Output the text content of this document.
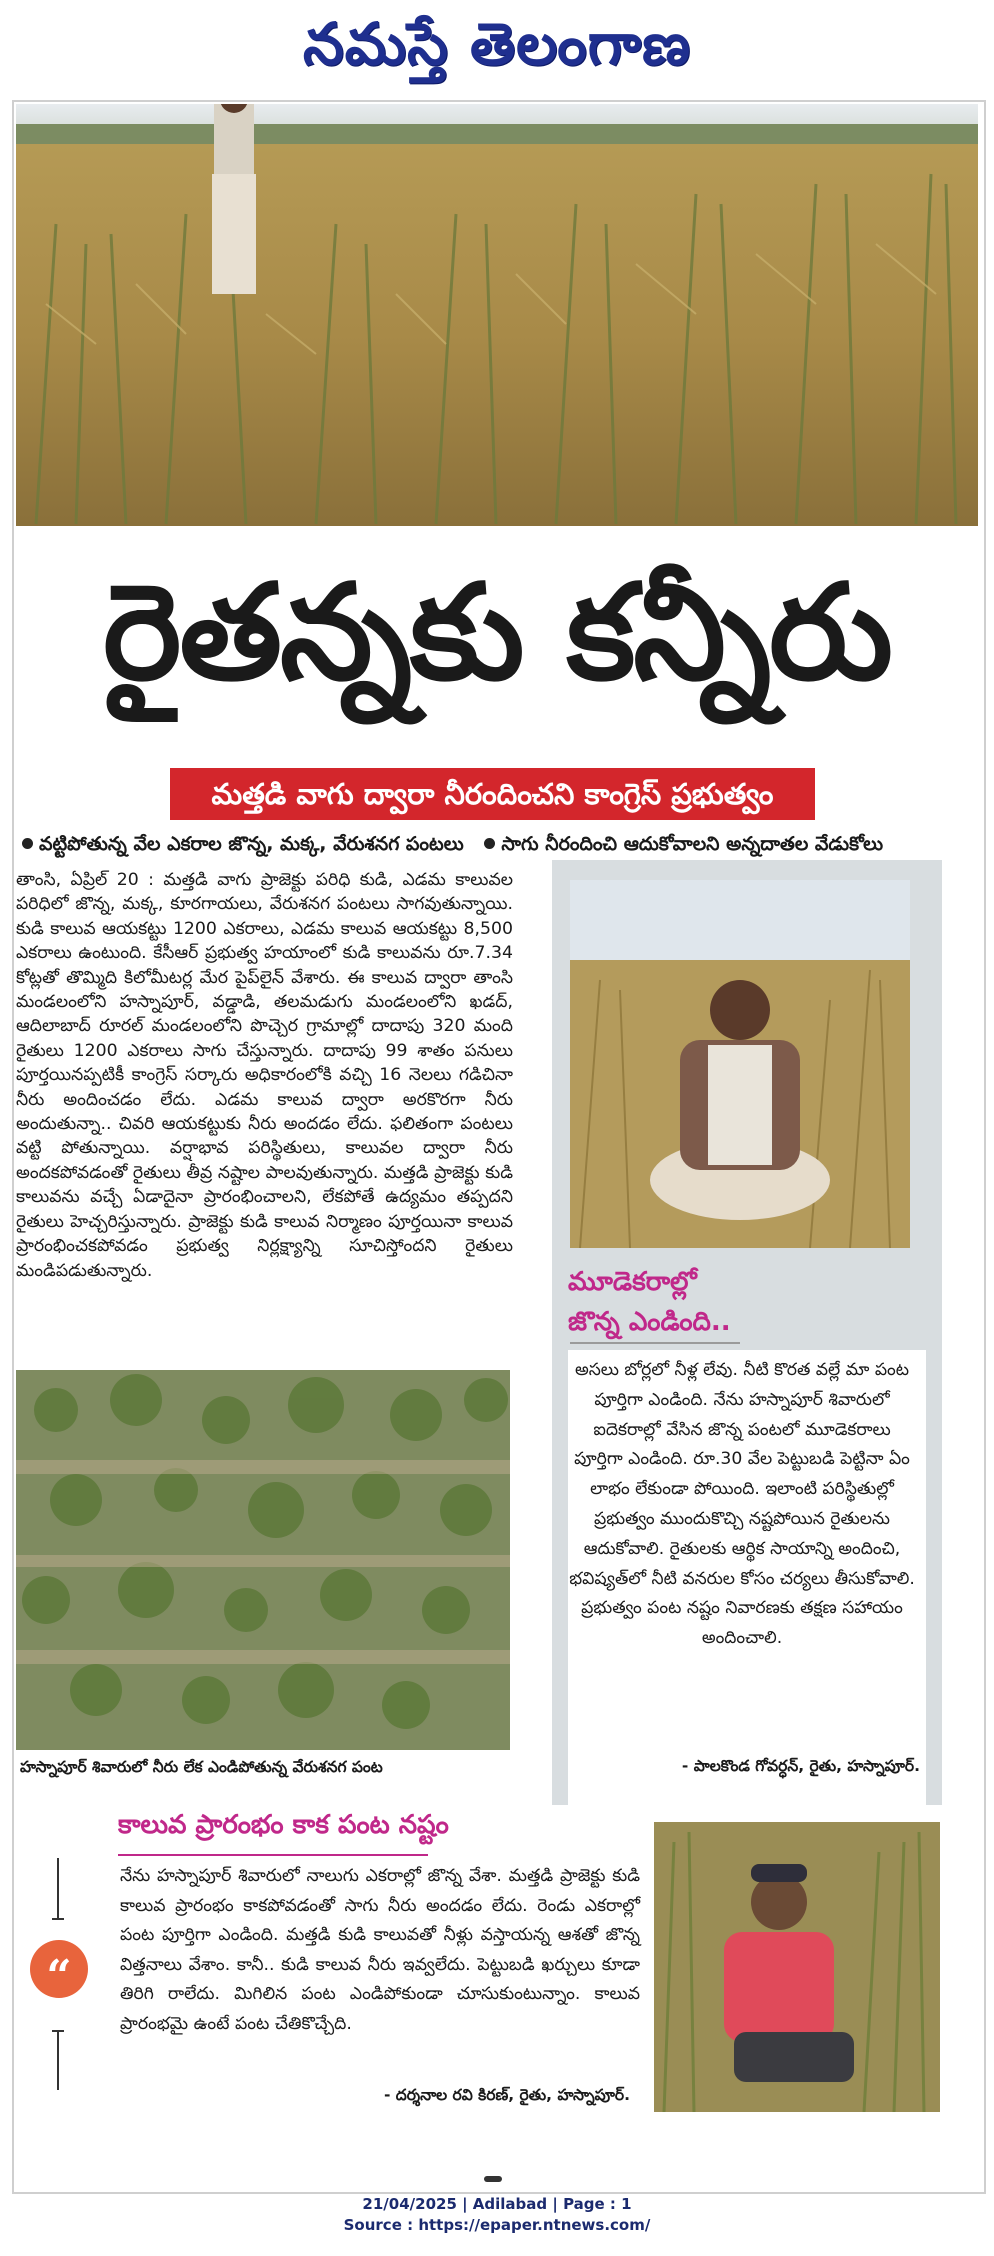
నమస్తే తెలంగాణ
రైతన్నకు కన్నీరు
మత్తడి వాగు ద్వారా నీరందించని కాంగ్రెస్ ప్రభుత్వం
వట్టిపోతున్న వేల ఎకరాల జొన్న, మక్క, వేరుశనగ పంటలు సాగు నీరందించి ఆదుకోవాలని అన్నదాతల వేడుకోలు
తాంసి, ఏప్రిల్ 20 : మత్తడి వాగు ప్రాజెక్టు పరిధి కుడి, ఎడమ కాలువల పరిధిలో జొన్న, మక్క, కూరగాయలు, వేరుశనగ పంటలు సాగవుతున్నాయి. కుడి కాలువ ఆయకట్టు 1200 ఎకరాలు, ఎడమ కాలువ ఆయకట్టు 8,500 ఎకరాలు ఉంటుంది. కేసీఆర్ ప్రభుత్వ హయాంలో కుడి కాలువను రూ.7.34 కోట్లతో తొమ్మిది కిలోమీటర్ల మేర పైప్‌లైన్ వేశారు. ఈ కాలువ ద్వారా తాంసి మండలంలోని హస్నాపూర్, వడ్డాడి, తలమడుగు మండలంలోని ఖడద్, ఆదిలాబాద్ రూరల్ మండలంలోని పొచ్చెర గ్రామాల్లో దాదాపు 320 మంది రైతులు 1200 ఎకరాలు సాగు చేస్తున్నారు. దాదాపు 99 శాతం పనులు పూర్తయినప్పటికీ కాంగ్రెస్ సర్కారు అధికారంలోకి వచ్చి 16 నెలలు గడిచినా నీరు అందించడం లేదు. ఎడమ కాలువ ద్వారా అరకొరగా నీరు అందుతున్నా.. చివరి ఆయకట్టుకు నీరు అందడం లేదు. ఫలితంగా పంటలు వట్టి పోతున్నాయి. వర్షాభావ పరిస్థితులు, కాలువల ద్వారా నీరు అందకపోవడంతో రైతులు తీవ్ర నష్టాల పాలవుతున్నారు. మత్తడి ప్రాజెక్టు కుడి కాలువను వచ్చే ఏడాదైనా ప్రారంభించాలని, లేకపోతే ఉద్యమం తప్పదని రైతులు హెచ్చరిస్తున్నారు. ప్రాజెక్టు కుడి కాలువ నిర్మాణం పూర్తయినా కాలువ ప్రారంభించకపోవడం ప్రభుత్వ నిర్లక్ష్యాన్ని సూచిస్తోందని రైతులు మండిపడుతున్నారు.
హస్నాపూర్ శివారులో నీరు లేక ఎండిపోతున్న వేరుశనగ పంట
మూడెకరాల్లో
జొన్న ఎండింది..
అసలు బోర్లలో నీళ్ల లేవు. నీటి కొరత వల్లే మా పంట పూర్తిగా ఎండింది. నేను హస్నాపూర్ శివారులో ఐదెకరాల్లో వేసిన జొన్న పంటలో మూడెకరాలు పూర్తిగా ఎండింది. రూ.30 వేల పెట్టుబడి పెట్టినా ఏం లాభం లేకుండా పోయింది. ఇలాంటి పరిస్థితుల్లో ప్రభుత్వం ముందుకొచ్చి నష్టపోయిన రైతులను ఆదుకోవాలి. రైతులకు ఆర్థిక సాయాన్ని అందించి, భవిష్యత్‌లో నీటి వనరుల కోసం చర్యలు తీసుకోవాలి. ప్రభుత్వం పంట నష్టం నివారణకు తక్షణ సహాయం అందించాలి.
- పాలకొండ గోవర్ధన్, రైతు, హస్నాపూర్.
కాలువ ప్రారంభం కాక పంట నష్టం
“
నేను హస్నాపూర్ శివారులో నాలుగు ఎకరాల్లో జొన్న వేశా. మత్తడి ప్రాజెక్టు కుడి కాలువ ప్రారంభం కాకపోవడంతో సాగు నీరు అందడం లేదు. రెండు ఎకరాల్లో పంట పూర్తిగా ఎండింది. మత్తడి కుడి కాలువతో నీళ్లు వస్తాయన్న ఆశతో జొన్న విత్తనాలు వేశాం. కానీ.. కుడి కాలువ నీరు ఇవ్వలేదు. పెట్టుబడి ఖర్చులు కూడా తిరిగి రాలేదు. మిగిలిన పంట ఎండిపోకుండా చూసుకుంటున్నాం. కాలువ ప్రారంభమై ఉంటే పంట చేతికొచ్చేది.
- దర్శనాల రవి కిరణ్, రైతు, హస్నాపూర్.
21/04/2025 | Adilabad | Page : 1
Source : https://epaper.ntnews.com/
